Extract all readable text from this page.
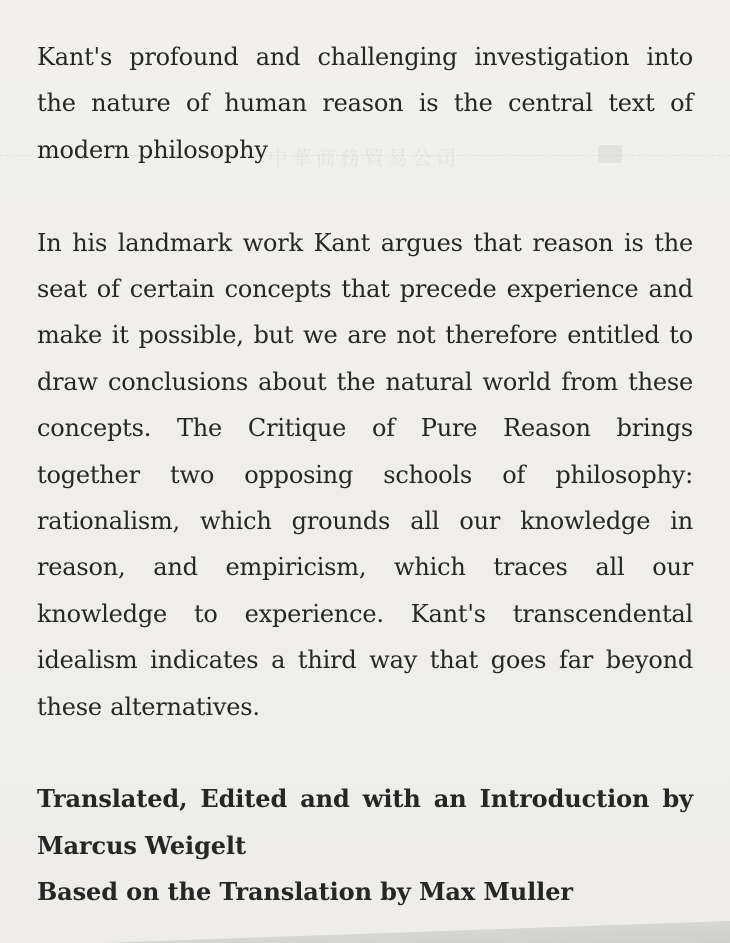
中華商務貿易公司

Kant's profound and challenging investigation into the nature of human reason is the central text of modern philosophy

In his landmark work Kant argues that reason is the seat of certain concepts that precede experience and make it possible, but we are not therefore entitled to draw conclusions about the natural world from these concepts. The Critique of Pure Reason brings together two opposing schools of philosophy: rationalism, which grounds all our knowledge in reason, and empiricism, which traces all our knowledge to experience. Kant's transcendental idealism indicates a third way that goes far beyond these alternatives.

Translated, Edited and with an Introduction by Marcus Weigelt

Based on the Translation by Max Muller
